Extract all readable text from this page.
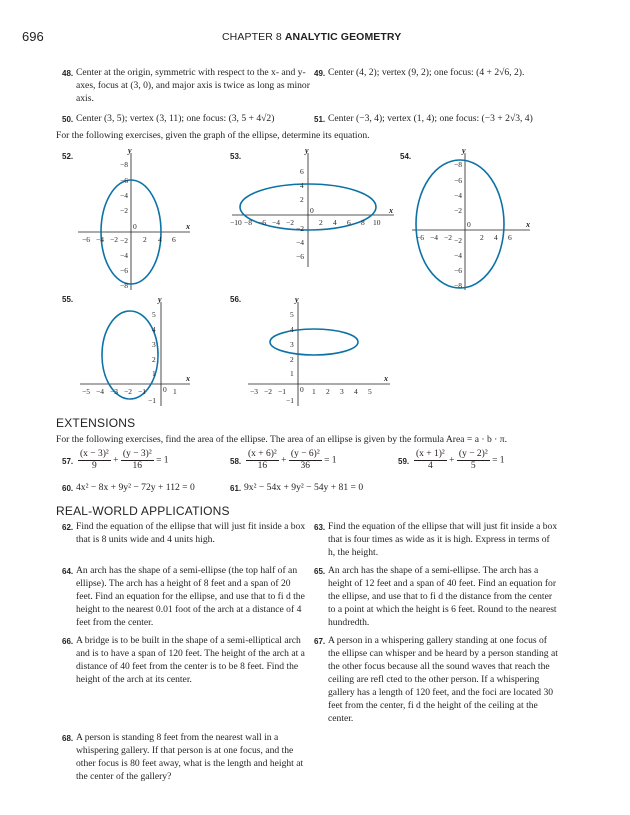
696	CHAPTER 8 ANALYTIC GEOMETRY
48. Center at the origin, symmetric with respect to the x- and y-axes, focus at (3, 0), and major axis is twice as long as minor axis.
49. Center (4, 2); vertex (9, 2); one focus: (4 + 2√6, 2).
50. Center (3, 5); vertex (3, 11); one focus: (3, 5 + 4√2)	51. Center (−3, 4); vertex (1, 4); one focus: (−3 + 2√3, 4)
For the following exercises, given the graph of the ellipse, determine its equation.
52.
x
y
−6 −4 −2	2 4 6
−8
−6
−4
−2
−2
−4
−6
−8
0
53.
x
y
−10 −8 −6 −4 −2	2 4 6 8 10
6
4
2
−2
−4
−6
0
54.
x
y
−6 −4 −2	2 4 6
−8
−6
−4
−2
−2
−4
−6
−8
0
55.
x
y
−5 −4 −3 −2 −1	1
5
4
3
2
1
−1
0
56.
x
y
−3 −2 −1	1 2 3 4 5
5
4
3
2
1
−1
0
EXTENSIONS
For the following exercises, find the area of the ellipse. The area of an ellipse is given by the formula Area = a · b · π.
57. $\frac{\text{(x − 3)²}}{9} + \frac{\text{(y − 3)²}}{16} = 1$	58. $\frac{\text{(x + 6)²}}{16} + \frac{\text{(y − 6)²}}{36} = 1$	59. $\frac{\text{(x + 1)²}}{4} + \frac{\text{(y − 2)²}}{5} = 1$
60. 4x² − 8x + 9y² − 72y + 112 = 0	61. 9x² − 54x + 9y² − 54y + 81 = 0
REAL-WORLD APPLICATIONS
62. Find the equation of the ellipse that will just fit inside a box that is 8 units wide and 4 units high.
63. Find the equation of the ellipse that will just fit inside a box that is four times as wide as it is high. Express in terms of h, the height.
64. An arch has the shape of a semi-ellipse (the top half of an ellipse). The arch has a height of 8 feet and a span of 20 feet. Find an equation for the ellipse, and use that to fi d the height to the nearest 0.01 foot of the arch at a distance of 4 feet from the center.
65. An arch has the shape of a semi-ellipse. The arch has a height of 12 feet and a span of 40 feet. Find an equation for the ellipse, and use that to fi d the distance from the center to a point at which the height is 6 feet. Round to the nearest hundredth.
66. A bridge is to be built in the shape of a semi-elliptical arch and is to have a span of 120 feet. The height of the arch at a distance of 40 feet from the center is to be 8 feet. Find the height of the arch at its center.
67. A person in a whispering gallery standing at one focus of the ellipse can whisper and be heard by a person standing at the other focus because all the sound waves that reach the ceiling are refl cted to the other person. If a whispering gallery has a length of 120 feet, and the foci are located 30 feet from the center, fi d the height of the ceiling at the center.
68. A person is standing 8 feet from the nearest wall in a whispering gallery. If that person is at one focus, and the other focus is 80 feet away, what is the length and height at the center of the gallery?
